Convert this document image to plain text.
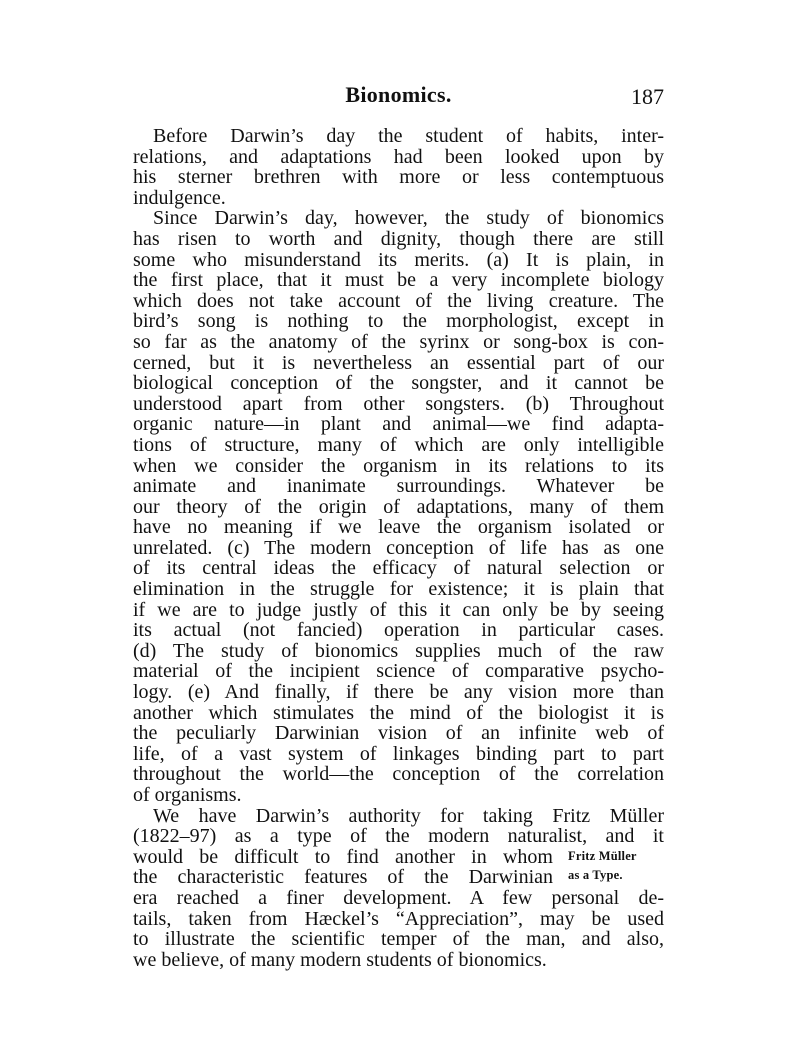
Bionomics.	187
Before Darwin’s day the student of habits, inter-
relations, and adaptations had been looked upon by
his sterner brethren with more or less contemptuous
indulgence.
Since Darwin’s day, however, the study of bionomics
has risen to worth and dignity, though there are still
some who misunderstand its merits. (a) It is plain, in
the first place, that it must be a very incomplete biology
which does not take account of the living creature. The
bird’s song is nothing to the morphologist, except in
so far as the anatomy of the syrinx or song-box is con-
cerned, but it is nevertheless an essential part of our
biological conception of the songster, and it cannot be
understood apart from other songsters. (b) Throughout
organic nature—in plant and animal—we find adapta-
tions of structure, many of which are only intelligible
when we consider the organism in its relations to its
animate and inanimate surroundings. Whatever be
our theory of the origin of adaptations, many of them
have no meaning if we leave the organism isolated or
unrelated. (c) The modern conception of life has as one
of its central ideas the efficacy of natural selection or
elimination in the struggle for existence; it is plain that
if we are to judge justly of this it can only be by seeing
its actual (not fancied) operation in particular cases.
(d) The study of bionomics supplies much of the raw
material of the incipient science of comparative psycho-
logy. (e) And finally, if there be any vision more than
another which stimulates the mind of the biologist it is
the peculiarly Darwinian vision of an infinite web of
life, of a vast system of linkages binding part to part
throughout the world—the conception of the correlation
of organisms.
We have Darwin’s authority for taking Fritz Müller
(1822–97) as a type of the modern naturalist, and it
would be difficult to find another in whom
the characteristic features of the Darwinian
era reached a finer development. A few personal de-
tails, taken from Hæckel’s “Appreciation”, may be used
to illustrate the scientific temper of the man, and also,
we believe, of many modern students of bionomics.
Fritz Müller
as a Type.
